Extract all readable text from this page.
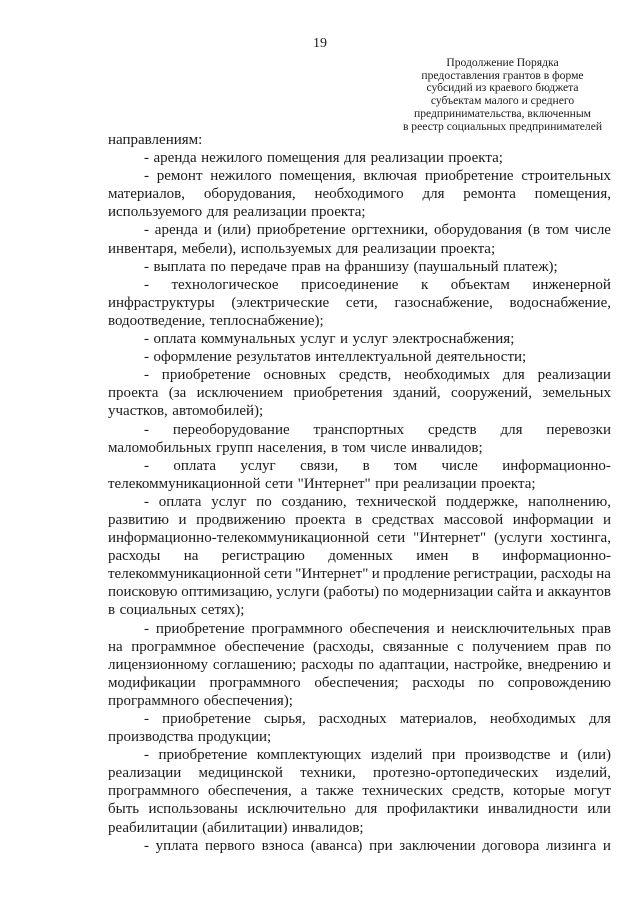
19
Продолжение Порядка
предоставления грантов в форме
субсидий из краевого бюджета
субъектам малого и среднего
предпринимательства, включенным
в реестр социальных предпринимателей
направлениям:
- аренда нежилого помещения для реализации проекта;
- ремонт нежилого помещения, включая приобретение строительных
материалов, оборудования, необходимого для ремонта помещения,
используемого для реализации проекта;
- аренда и (или) приобретение оргтехники, оборудования (в том числе
инвентаря, мебели), используемых для реализации проекта;
- выплата по передаче прав на франшизу (паушальный платеж);
- технологическое присоединение к объектам инженерной
инфраструктуры (электрические сети, газоснабжение, водоснабжение,
водоотведение, теплоснабжение);
- оплата коммунальных услуг и услуг электроснабжения;
- оформление результатов интеллектуальной деятельности;
- приобретение основных средств, необходимых для реализации
проекта (за исключением приобретения зданий, сооружений, земельных
участков, автомобилей);
- переоборудование транспортных средств для перевозки
маломобильных групп населения, в том числе инвалидов;
- оплата услуг связи, в том числе информационно-
телекоммуникационной сети "Интернет" при реализации проекта;
- оплата услуг по созданию, технической поддержке, наполнению,
развитию и продвижению проекта в средствах массовой информации и
информационно-телекоммуникационной сети "Интернет" (услуги хостинга,
расходы на регистрацию доменных имен в информационно-
телекоммуникационной сети "Интернет" и продление регистрации, расходы на
поисковую оптимизацию, услуги (работы) по модернизации сайта и аккаунтов
в социальных сетях);
- приобретение программного обеспечения и неисключительных прав
на программное обеспечение (расходы, связанные с получением прав по
лицензионному соглашению; расходы по адаптации, настройке, внедрению и
модификации программного обеспечения; расходы по сопровождению
программного обеспечения);
- приобретение сырья, расходных материалов, необходимых для
производства продукции;
- приобретение комплектующих изделий при производстве и (или)
реализации медицинской техники, протезно-ортопедических изделий,
программного обеспечения, а также технических средств, которые могут
быть использованы исключительно для профилактики инвалидности или
реабилитации (абилитации) инвалидов;
- уплата первого взноса (аванса) при заключении договора лизинга и
